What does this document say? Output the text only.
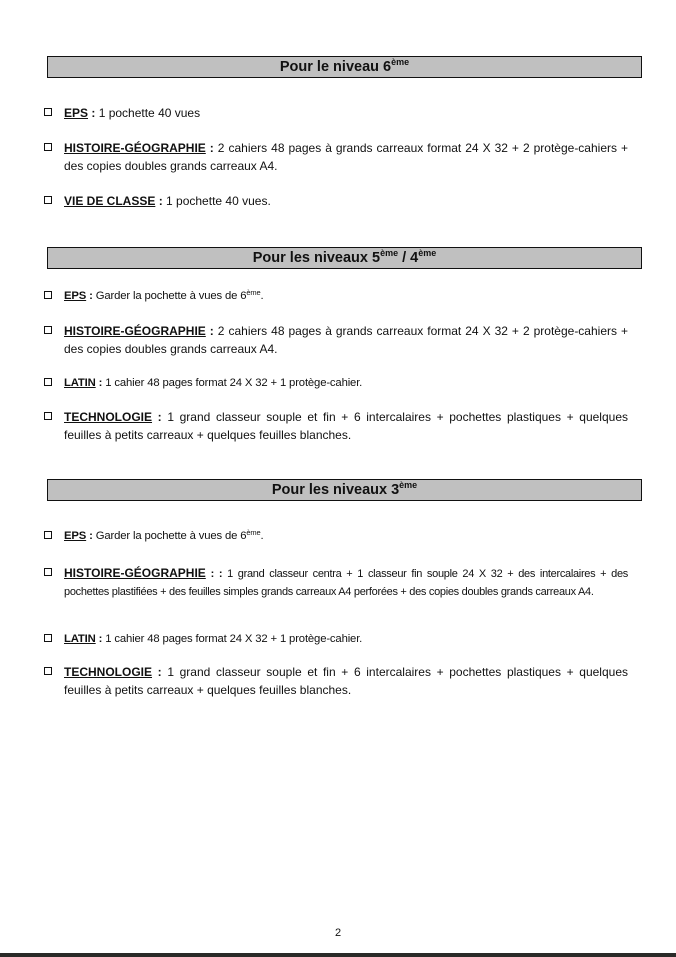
Pour le niveau 6ème
EPS : 1 pochette 40 vues
HISTOIRE-GÉOGRAPHIE : 2 cahiers 48 pages à grands carreaux format 24 X 32 + 2 protège-cahiers + des copies doubles grands carreaux A4.
VIE DE CLASSE : 1 pochette 40 vues.
Pour les niveaux 5ème / 4ème
EPS : Garder la pochette à vues de 6ème.
HISTOIRE-GÉOGRAPHIE : 2 cahiers 48 pages à grands carreaux format 24 X 32 + 2 protège-cahiers + des copies doubles grands carreaux A4.
LATIN : 1 cahier 48 pages format 24 X 32 + 1 protège-cahier.
TECHNOLOGIE : 1 grand classeur souple et fin + 6 intercalaires + pochettes plastiques + quelques feuilles à petits carreaux + quelques feuilles blanches.
Pour les niveaux 3ème
EPS : Garder la pochette à vues de 6ème.
HISTOIRE-GÉOGRAPHIE : : 1 grand classeur centra + 1 classeur fin souple 24 X 32 + des intercalaires + des pochettes plastifiées + des feuilles simples grands carreaux A4 perforées + des copies doubles grands carreaux A4.
LATIN : 1 cahier 48 pages format 24 X 32 + 1 protège-cahier.
TECHNOLOGIE : 1 grand classeur souple et fin + 6 intercalaires + pochettes plastiques + quelques feuilles à petits carreaux + quelques feuilles blanches.
2
